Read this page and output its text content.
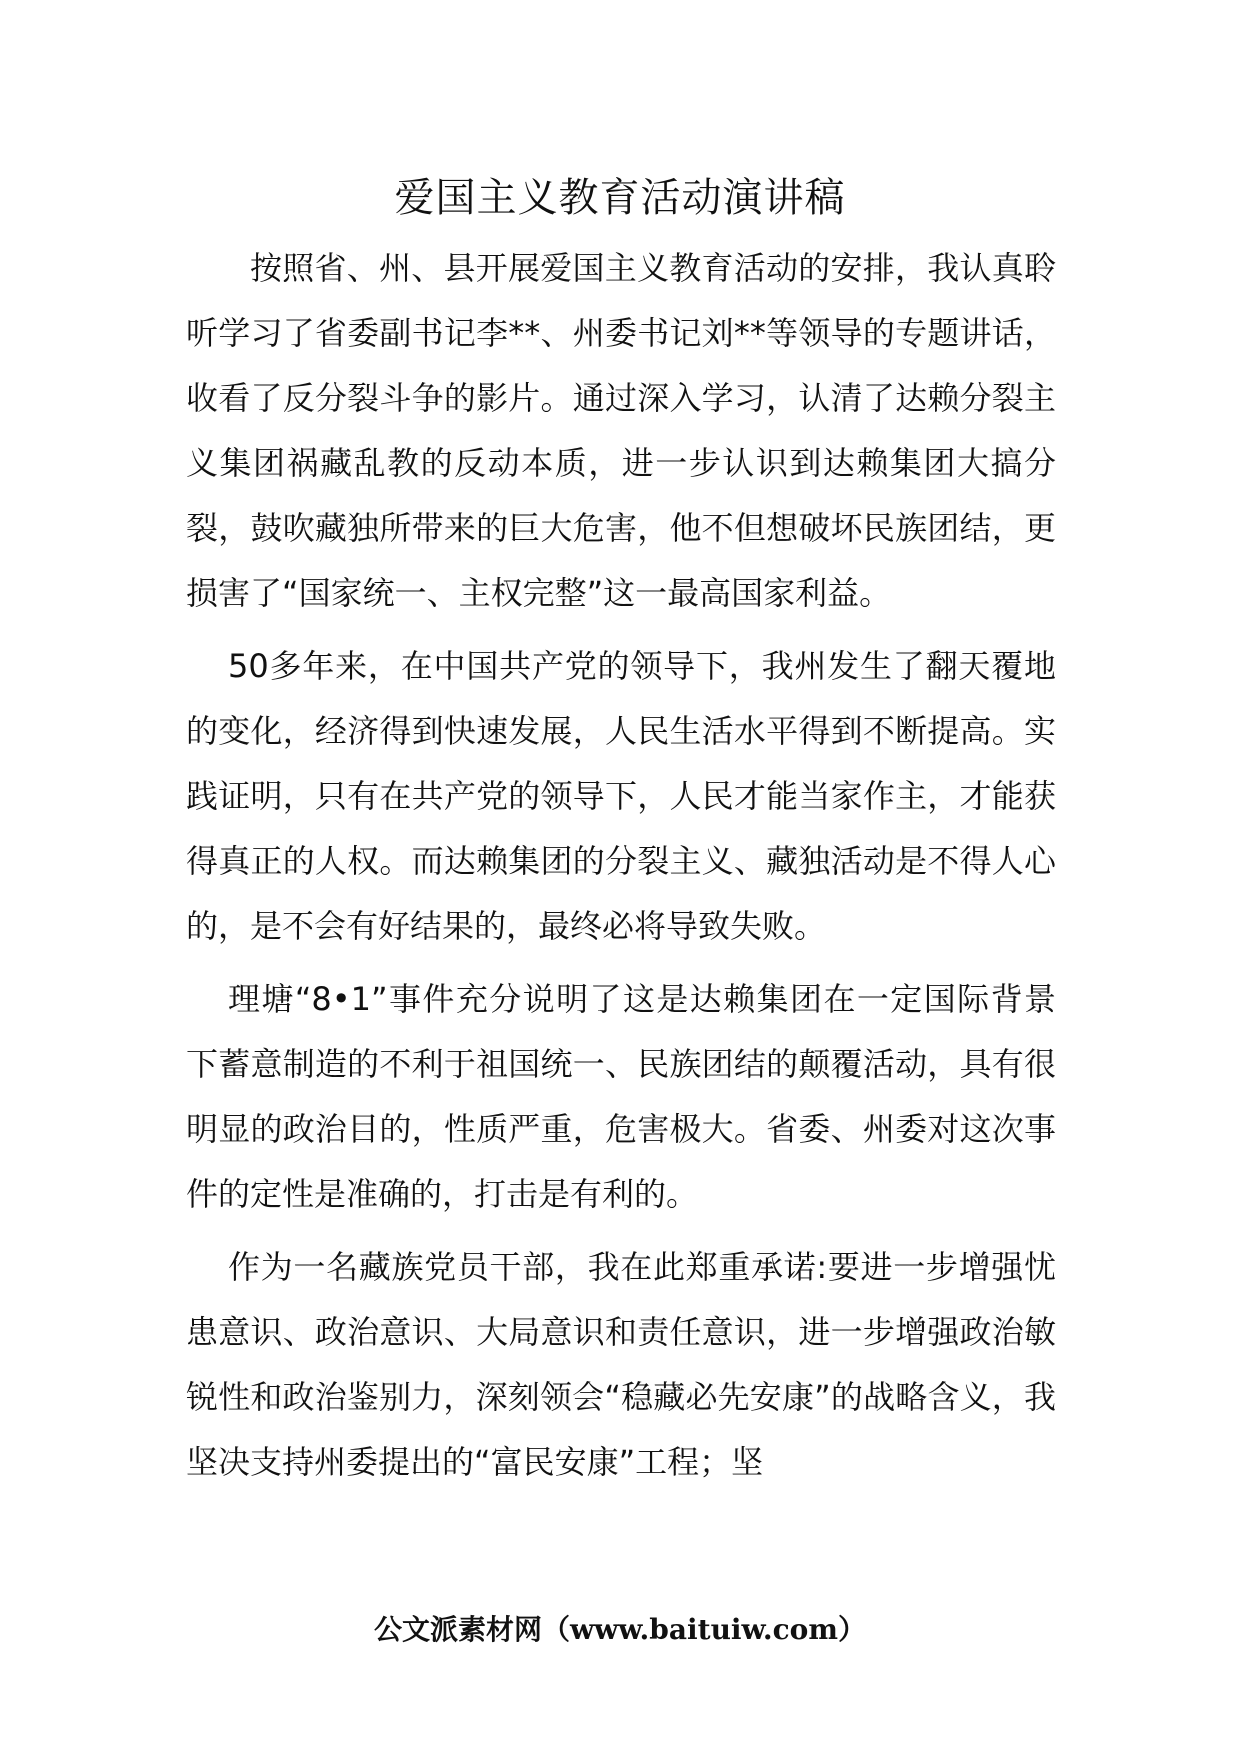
爱国主义教育活动演讲稿

按照省、州、县开展爱国主义教育活动的安排，我认真聆听学习了省委副书记李**、州委书记刘**等领导的专题讲话，收看了反分裂斗争的影片。通过深入学习，认清了达赖分裂主义集团祸藏乱教的反动本质，进一步认识到达赖集团大搞分裂，鼓吹藏独所带来的巨大危害，他不但想破坏民族团结，更损害了“国家统一、主权完整”这一最高国家利益。

50多年来，在中国共产党的领导下，我州发生了翻天覆地的变化，经济得到快速发展，人民生活水平得到不断提高。实践证明，只有在共产党的领导下，人民才能当家作主，才能获得真正的人权。而达赖集团的分裂主义、藏独活动是不得人心的，是不会有好结果的，最终必将导致失败。

理塘“8•1”事件充分说明了这是达赖集团在一定国际背景下蓄意制造的不利于祖国统一、民族团结的颠覆活动，具有很明显的政治目的，性质严重，危害极大。省委、州委对这次事件的定性是准确的，打击是有利的。

作为一名藏族党员干部，我在此郑重承诺:要进一步增强忧患意识、政治意识、大局意识和责任意识，进一步增强政治敏锐性和政治鉴别力，深刻领会“稳藏必先安康”的战略含义，我坚决支持州委提出的“富民安康”工程；坚

公文派素材网（www.baituiw.com）
